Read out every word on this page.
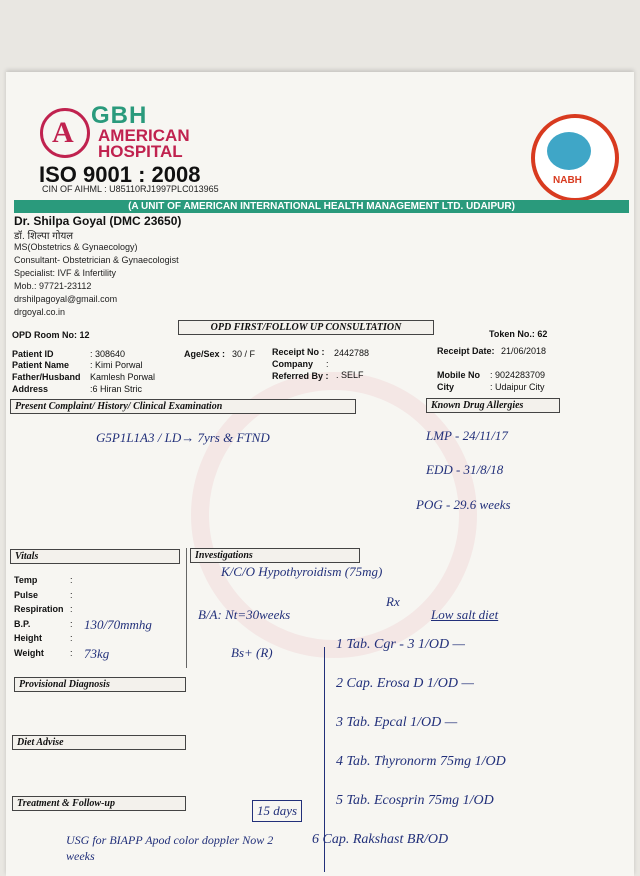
A
GBH
AMERICAN
HOSPITAL
ISO 9001 : 2008
CIN OF AIHML : U85110RJ1997PLC013965
NABH
(A UNIT OF AMERICAN INTERNATIONAL HEALTH MANAGEMENT LTD. UDAIPUR)
Dr. Shilpa Goyal (DMC 23650)
डॉ. शिल्पा गोयल
MS(Obstetrics & Gynaecology)
Consultant- Obstetrician & Gynaecologist
Specialist: IVF & Infertility
Mob.: 97721-23112
drshilpagoyal@gmail.com
drgoyal.co.in
OPD Room No: 12
OPD FIRST/FOLLOW UP CONSULTATION
Token No.: 62
Patient ID	: 308640
Patient Name : Kimi Porwal
Father/Husband Kamlesh Porwal
Address	:6 Hiran Stric
Age/Sex : 30 / F Receipt No : 2442788
Company :
Referred By : . SELF
Receipt Date: 21/06/2018
Mobile No : 9024283709
City	: Udaipur City
Present Complaint/ History/ Clinical Examination	Known Drug Allergies
G5P1L1A3 / LD→ 7yrs & FTND	LMP - 24/11/17
EDD - 31/8/18
POG - 29.6 weeks
Vitals	Investigations
Temp	:
Pulse	:
Respiration :
B.P.	: 130/70mmhg
Height	:
Weight	: 73kg
K/C/O Hypothyroidism (75mg)
B/A: Nt=30weeks
Rx
Low salt diet
Bs+ (R)
Provisional Diagnosis
Diet Advise
Treatment & Follow-up
1 Tab. Cgr - 3 1/OD —
2 Cap. Erosa D 1/OD —
3 Tab. Epcal 1/OD —
4 Tab. Thyronorm 75mg 1/OD
5 Tab. Ecosprin 75mg 1/OD
6 Cap. Rakshast BR/OD
USG for BIAPP Apod color doppler Now 2 weeks
15 days
